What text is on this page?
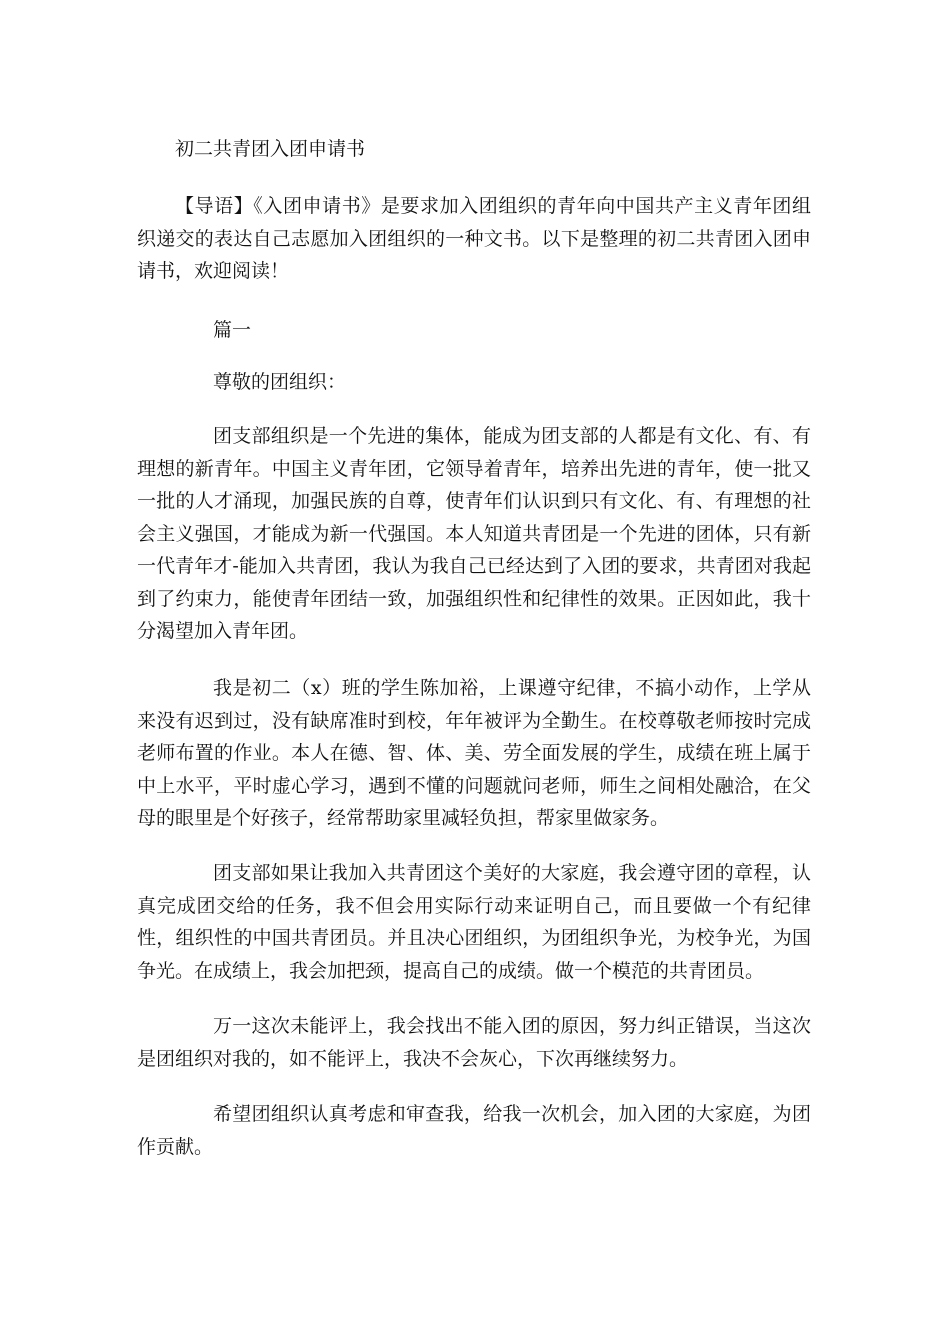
初二共青团入团申请书

【导语】《入团申请书》是要求加入团组织的青年向中国共产主义青年团组织递交的表达自己志愿加入团组织的一种文书。以下是整理的初二共青团入团申请书，欢迎阅读！

篇一

尊敬的团组织：

团支部组织是一个先进的集体，能成为团支部的人都是有文化、有、有理想的新青年。中国主义青年团，它领导着青年，培养出先进的青年，使一批又一批的人才涌现，加强民族的自尊，使青年们认识到只有文化、有、有理想的社会主义强国，才能成为新一代强国。本人知道共青团是一个先进的团体，只有新一代青年才-能加入共青团，我认为我自己已经达到了入团的要求，共青团对我起到了约束力，能使青年团结一致，加强组织性和纪律性的效果。正因如此，我十分渴望加入青年团。

我是初二（x）班的学生陈加裕，上课遵守纪律，不搞小动作，上学从来没有迟到过，没有缺席准时到校，年年被评为全勤生。在校尊敬老师按时完成老师布置的作业。本人在德、智、体、美、劳全面发展的学生，成绩在班上属于中上水平，平时虚心学习，遇到不懂的问题就问老师，师生之间相处融洽，在父母的眼里是个好孩子，经常帮助家里减轻负担，帮家里做家务。

团支部如果让我加入共青团这个美好的大家庭，我会遵守团的章程，认真完成团交给的任务，我不但会用实际行动来证明自己，而且要做一个有纪律性，组织性的中国共青团员。并且决心团组织，为团组织争光，为校争光，为国争光。在成绩上，我会加把颈，提高自己的成绩。做一个模范的共青团员。

万一这次未能评上，我会找出不能入团的原因，努力纠正错误，当这次是团组织对我的，如不能评上，我决不会灰心，下次再继续努力。

希望团组织认真考虑和审查我，给我一次机会，加入团的大家庭，为团作贡献。
